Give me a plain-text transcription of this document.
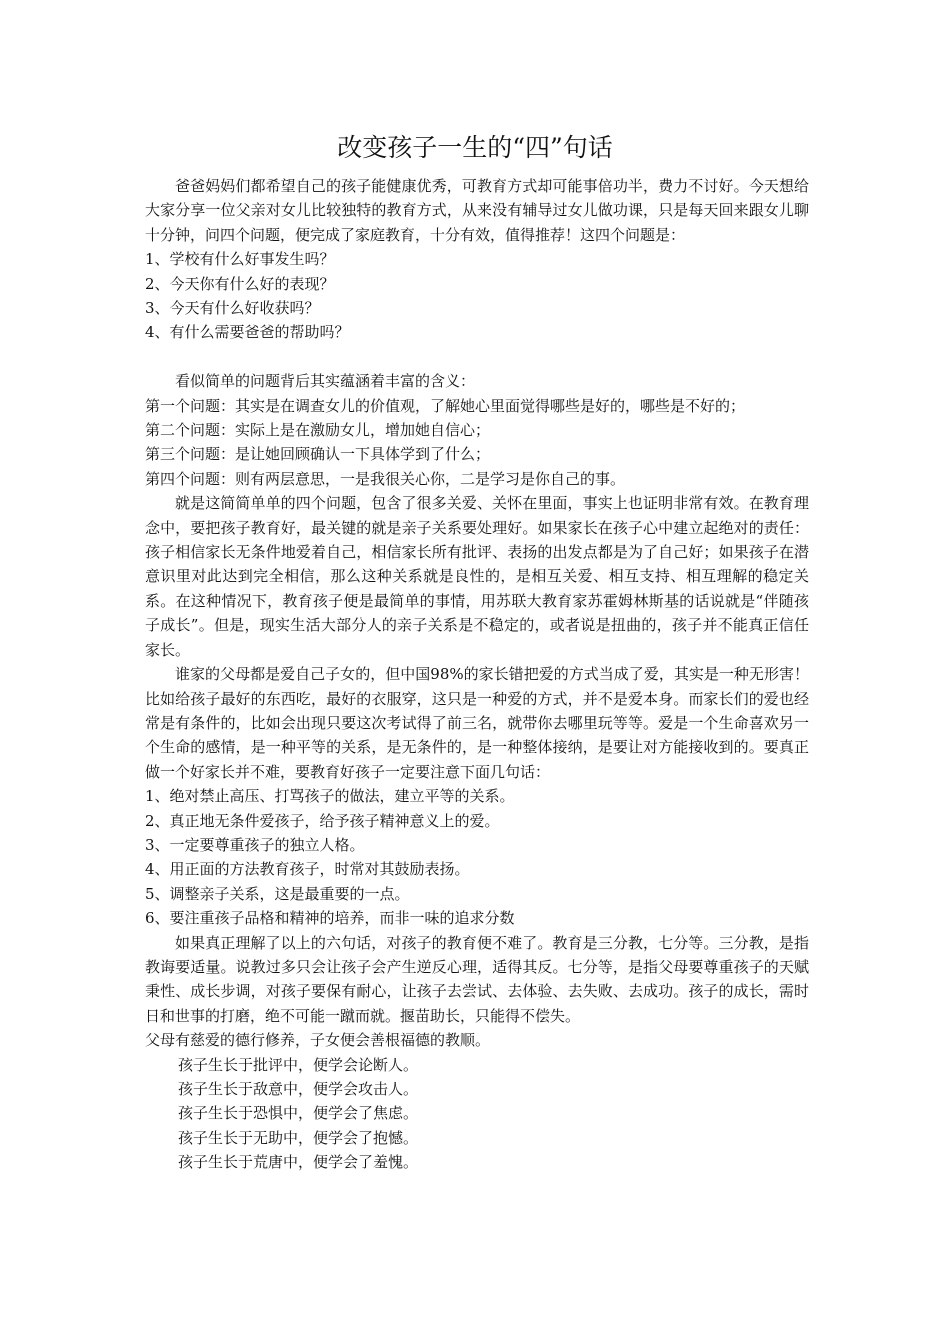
改变孩子一生的“四”句话

爸爸妈妈们都希望自己的孩子能健康优秀，可教育方式却可能事倍功半，费力不讨好。今天想给大家分享一位父亲对女儿比较独特的教育方式，从来没有辅导过女儿做功课，只是每天回来跟女儿聊十分钟，问四个问题，便完成了家庭教育，十分有效，值得推荐！这四个问题是：

1、学校有什么好事发生吗？

2、今天你有什么好的表现？

3、今天有什么好收获吗？

4、有什么需要爸爸的帮助吗？

看似简单的问题背后其实蕴涵着丰富的含义：

第一个问题：其实是在调查女儿的价值观，了解她心里面觉得哪些是好的，哪些是不好的；

第二个问题：实际上是在激励女儿，增加她自信心；

第三个问题：是让她回顾确认一下具体学到了什么；

第四个问题：则有两层意思，一是我很关心你，二是学习是你自己的事。

就是这简简单单的四个问题，包含了很多关爱、关怀在里面，事实上也证明非常有效。在教育理念中，要把孩子教育好，最关键的就是亲子关系要处理好。如果家长在孩子心中建立起绝对的责任：孩子相信家长无条件地爱着自己，相信家长所有批评、表扬的出发点都是为了自己好；如果孩子在潜意识里对此达到完全相信，那么这种关系就是良性的，是相互关爱、相互支持、相互理解的稳定关系。在这种情况下，教育孩子便是最简单的事情，用苏联大教育家苏霍姆林斯基的话说就是“伴随孩子成长”。但是，现实生活大部分人的亲子关系是不稳定的，或者说是扭曲的，孩子并不能真正信任家长。

谁家的父母都是爱自己子女的，但中国98%的家长错把爱的方式当成了爱，其实是一种无形害！比如给孩子最好的东西吃，最好的衣服穿，这只是一种爱的方式，并不是爱本身。而家长们的爱也经常是有条件的，比如会出现只要这次考试得了前三名，就带你去哪里玩等等。爱是一个生命喜欢另一个生命的感情，是一种平等的关系，是无条件的，是一种整体接纳，是要让对方能接收到的。要真正做一个好家长并不难，要教育好孩子一定要注意下面几句话：

1、绝对禁止高压、打骂孩子的做法，建立平等的关系。

2、真正地无条件爱孩子，给予孩子精神意义上的爱。

3、一定要尊重孩子的独立人格。

4、用正面的方法教育孩子，时常对其鼓励表扬。

5、调整亲子关系，这是最重要的一点。

6、要注重孩子品格和精神的培养，而非一味的追求分数

如果真正理解了以上的六句话，对孩子的教育便不难了。教育是三分教，七分等。三分教，是指教诲要适量。说教过多只会让孩子会产生逆反心理，适得其反。七分等，是指父母要尊重孩子的天赋秉性、成长步调，对孩子要保有耐心，让孩子去尝试、去体验、去失败、去成功。孩子的成长，需时日和世事的打磨，绝不可能一蹴而就。揠苗助长，只能得不偿失。

父母有慈爱的德行修养，子女便会善根福德的教顺。

孩子生长于批评中，便学会论断人。

孩子生长于敌意中，便学会攻击人。

孩子生长于恐惧中，便学会了焦虑。

孩子生长于无助中，便学会了抱憾。

孩子生长于荒唐中，便学会了羞愧。
